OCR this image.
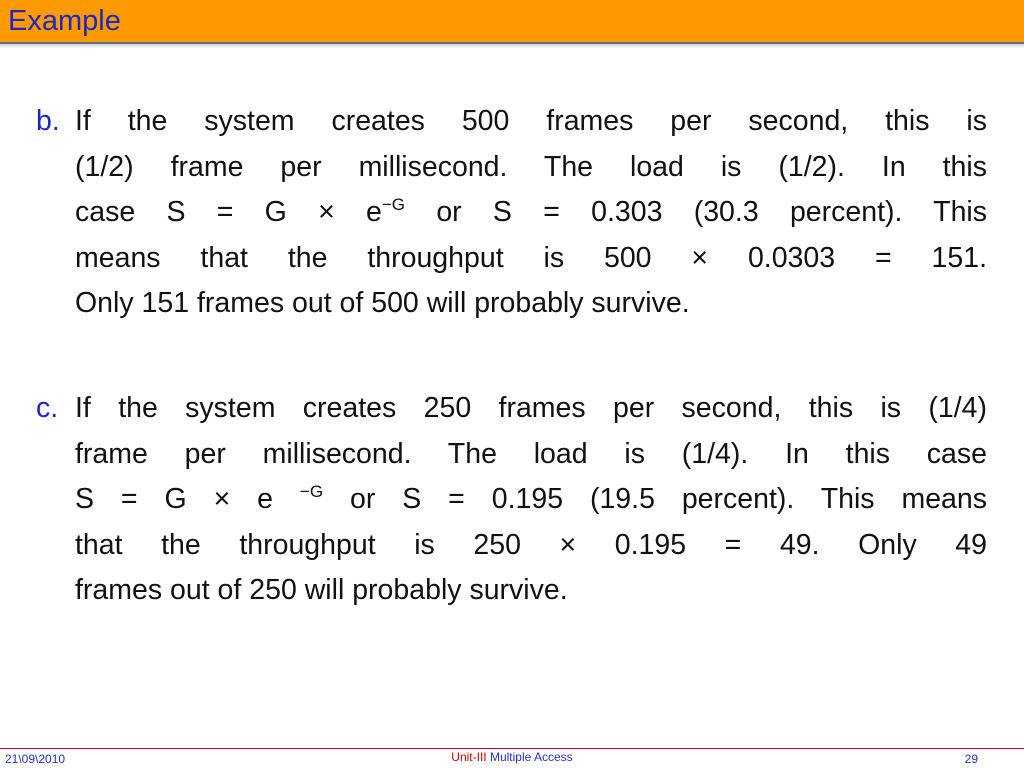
Example
b. If the system creates 500 frames per second, this is
(1/2) frame per millisecond. The load is (1/2). In this
case $S = G \times e^{-G}$ or S = 0.303 (30.3 percent). This
means that the throughput is 500 × 0.0303 = 151.
Only 151 frames out of 500 will probably survive.
c. If the system creates 250 frames per second, this is (1/4)
frame per millisecond. The load is (1/4). In this case
S = G × e $^{-G}$ or S = 0.195 (19.5 percent). This means
that the throughput is 250 × 0.195 = 49. Only 49
frames out of 250 will probably survive.
21\09\2010	Unit-III Multiple Access	29
